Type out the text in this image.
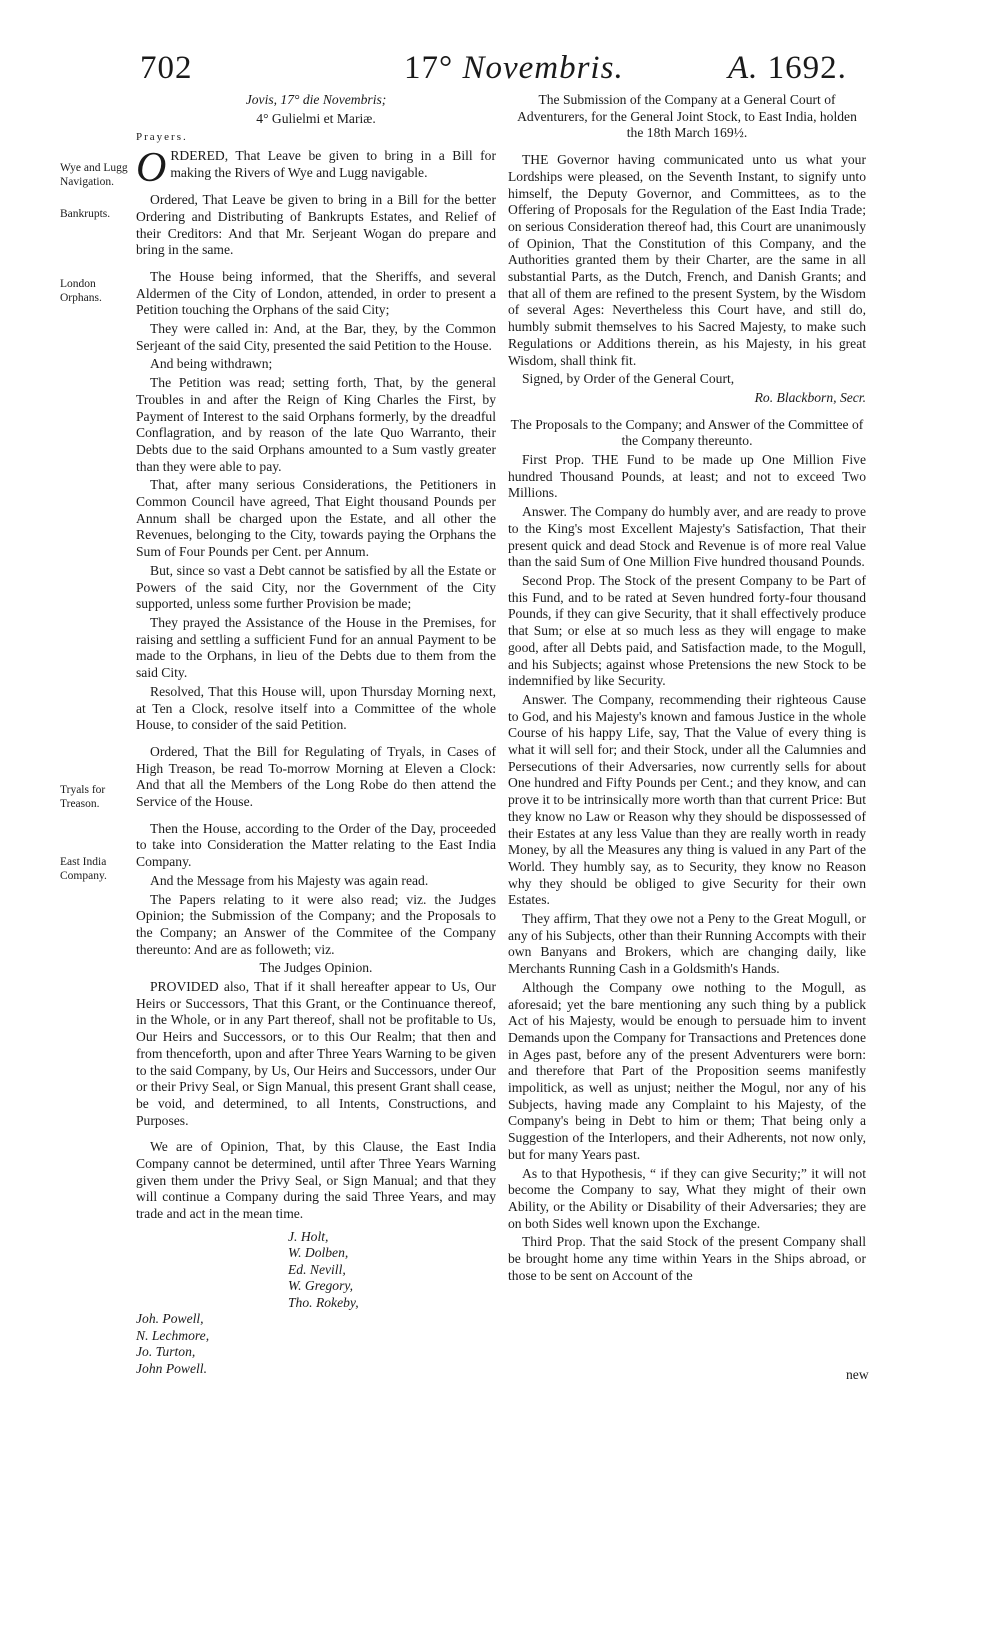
702	17° Novembris.	A. 1692.
Wye and Lugg Navigation.
Bankrupts.
London Orphans.
Tryals for Treason.
East India Company.

Jovis, 17° die Novembris;

4° Gulielmi et Mariæ.

Prayers.

ORDERED, That Leave be given to bring in a Bill for making the Rivers of Wye and Lugg navigable.

Ordered, That Leave be given to bring in a Bill for the better Ordering and Distributing of Bankrupts Estates, and Relief of their Creditors: And that Mr. Serjeant Wogan do prepare and bring in the same.

The House being informed, that the Sheriffs, and several Aldermen of the City of London, attended, in order to present a Petition touching the Orphans of the said City;

They were called in: And, at the Bar, they, by the Common Serjeant of the said City, presented the said Petition to the House.

And being withdrawn;

The Petition was read; setting forth, That, by the general Troubles in and after the Reign of King Charles the First, by Payment of Interest to the said Orphans formerly, by the dreadful Conflagration, and by reason of the late Quo Warranto, their Debts due to the said Orphans amounted to a Sum vastly greater than they were able to pay.

That, after many serious Considerations, the Petitioners in Common Council have agreed, That Eight thousand Pounds per Annum shall be charged upon the Estate, and all other the Revenues, belonging to the City, towards paying the Orphans the Sum of Four Pounds per Cent. per Annum.

But, since so vast a Debt cannot be satisfied by all the Estate or Powers of the said City, nor the Government of the City supported, unless some further Provision be made;

They prayed the Assistance of the House in the Premises, for raising and settling a sufficient Fund for an annual Payment to be made to the Orphans, in lieu of the Debts due to them from the said City.

Resolved, That this House will, upon Thursday Morning next, at Ten a Clock, resolve itself into a Committee of the whole House, to consider of the said Petition.

Ordered, That the Bill for Regulating of Tryals, in Cases of High Treason, be read To-morrow Morning at Eleven a Clock: And that all the Members of the Long Robe do then attend the Service of the House.

Then the House, according to the Order of the Day, proceeded to take into Consideration the Matter relating to the East India Company.

And the Message from his Majesty was again read.

The Papers relating to it were also read; viz. the Judges Opinion; the Submission of the Company; and the Proposals to the Company; an Answer of the Commitee of the Company thereunto: And are as followeth; viz.

The Judges Opinion.

PROVIDED also, That if it shall hereafter appear to Us, Our Heirs or Successors, That this Grant, or the Continuance thereof, in the Whole, or in any Part thereof, shall not be profitable to Us, Our Heirs and Successors, or to this Our Realm; that then and from thenceforth, upon and after Three Years Warning to be given to the said Company, by Us, Our Heirs and Successors, under Our or their Privy Seal, or Sign Manual, this present Grant shall cease, be void, and determined, to all Intents, Constructions, and Purposes.

We are of Opinion, That, by this Clause, the East India Company cannot be determined, until after Three Years Warning given them under the Privy Seal, or Sign Manual; and that they will continue a Company during the said Three Years, and may trade and act in the mean time.

J. Holt,
W. Dolben,
Ed. Nevill,
W. Gregory,
Tho. Rokeby,
Joh. Powell,
N. Lechmore,
Jo. Turton,
John Powell.

The Submission of the Company at a General Court of Adventurers, for the General Joint Stock, to East India, holden the 18th March 169½.

THE Governor having communicated unto us what your Lordships were pleased, on the Seventh Instant, to signify unto himself, the Deputy Governor, and Committees, as to the Offering of Proposals for the Regulation of the East India Trade; on serious Consideration thereof had, this Court are unanimously of Opinion, That the Constitution of this Company, and the Authorities granted them by their Charter, are the same in all substantial Parts, as the Dutch, French, and Danish Grants; and that all of them are refined to the present System, by the Wisdom of several Ages: Nevertheless this Court have, and still do, humbly submit themselves to his Sacred Majesty, to make such Regulations or Additions therein, as his Majesty, in his great Wisdom, shall think fit.

Signed, by Order of the General Court,

Ro. Blackborn, Secr.

The Proposals to the Company; and Answer of the Committee of the Company thereunto.

First Prop. THE Fund to be made up One Million Five hundred Thousand Pounds, at least; and not to exceed Two Millions.

Answer. The Company do humbly aver, and are ready to prove to the King's most Excellent Majesty's Satisfaction, That their present quick and dead Stock and Revenue is of more real Value than the said Sum of One Million Five hundred thousand Pounds.

Second Prop. The Stock of the present Company to be Part of this Fund, and to be rated at Seven hundred forty-four thousand Pounds, if they can give Security, that it shall effectively produce that Sum; or else at so much less as they will engage to make good, after all Debts paid, and Satisfaction made, to the Mogull, and his Subjects; against whose Pretensions the new Stock to be indemnified by like Security.

Answer. The Company, recommending their righteous Cause to God, and his Majesty's known and famous Justice in the whole Course of his happy Life, say, That the Value of every thing is what it will sell for; and their Stock, under all the Calumnies and Persecutions of their Adversaries, now currently sells for about One hundred and Fifty Pounds per Cent.; and they know, and can prove it to be intrinsically more worth than that current Price: But they know no Law or Reason why they should be dispossessed of their Estates at any less Value than they are really worth in ready Money, by all the Measures any thing is valued in any Part of the World. They humbly say, as to Security, they know no Reason why they should be obliged to give Security for their own Estates.

They affirm, That they owe not a Peny to the Great Mogull, or any of his Subjects, other than their Running Accompts with their own Banyans and Brokers, which are changing daily, like Merchants Running Cash in a Goldsmith's Hands.

Although the Company owe nothing to the Mogull, as aforesaid; yet the bare mentioning any such thing by a publick Act of his Majesty, would be enough to persuade him to invent Demands upon the Company for Transactions and Pretences done in Ages past, before any of the present Adventurers were born: and therefore that Part of the Proposition seems manifestly impolitick, as well as unjust; neither the Mogul, nor any of his Subjects, having made any Complaint to his Majesty, of the Company's being in Debt to him or them; That being only a Suggestion of the Interlopers, and their Adherents, not now only, but for many Years past.

As to that Hypothesis, “ if they can give Security;” it will not become the Company to say, What they might of their own Ability, or the Ability or Disability of their Adversaries; they are on both Sides well known upon the Exchange.

Third Prop. That the said Stock of the present Company shall be brought home any time within Years in the Ships abroad, or those to be sent on Account of the

new
